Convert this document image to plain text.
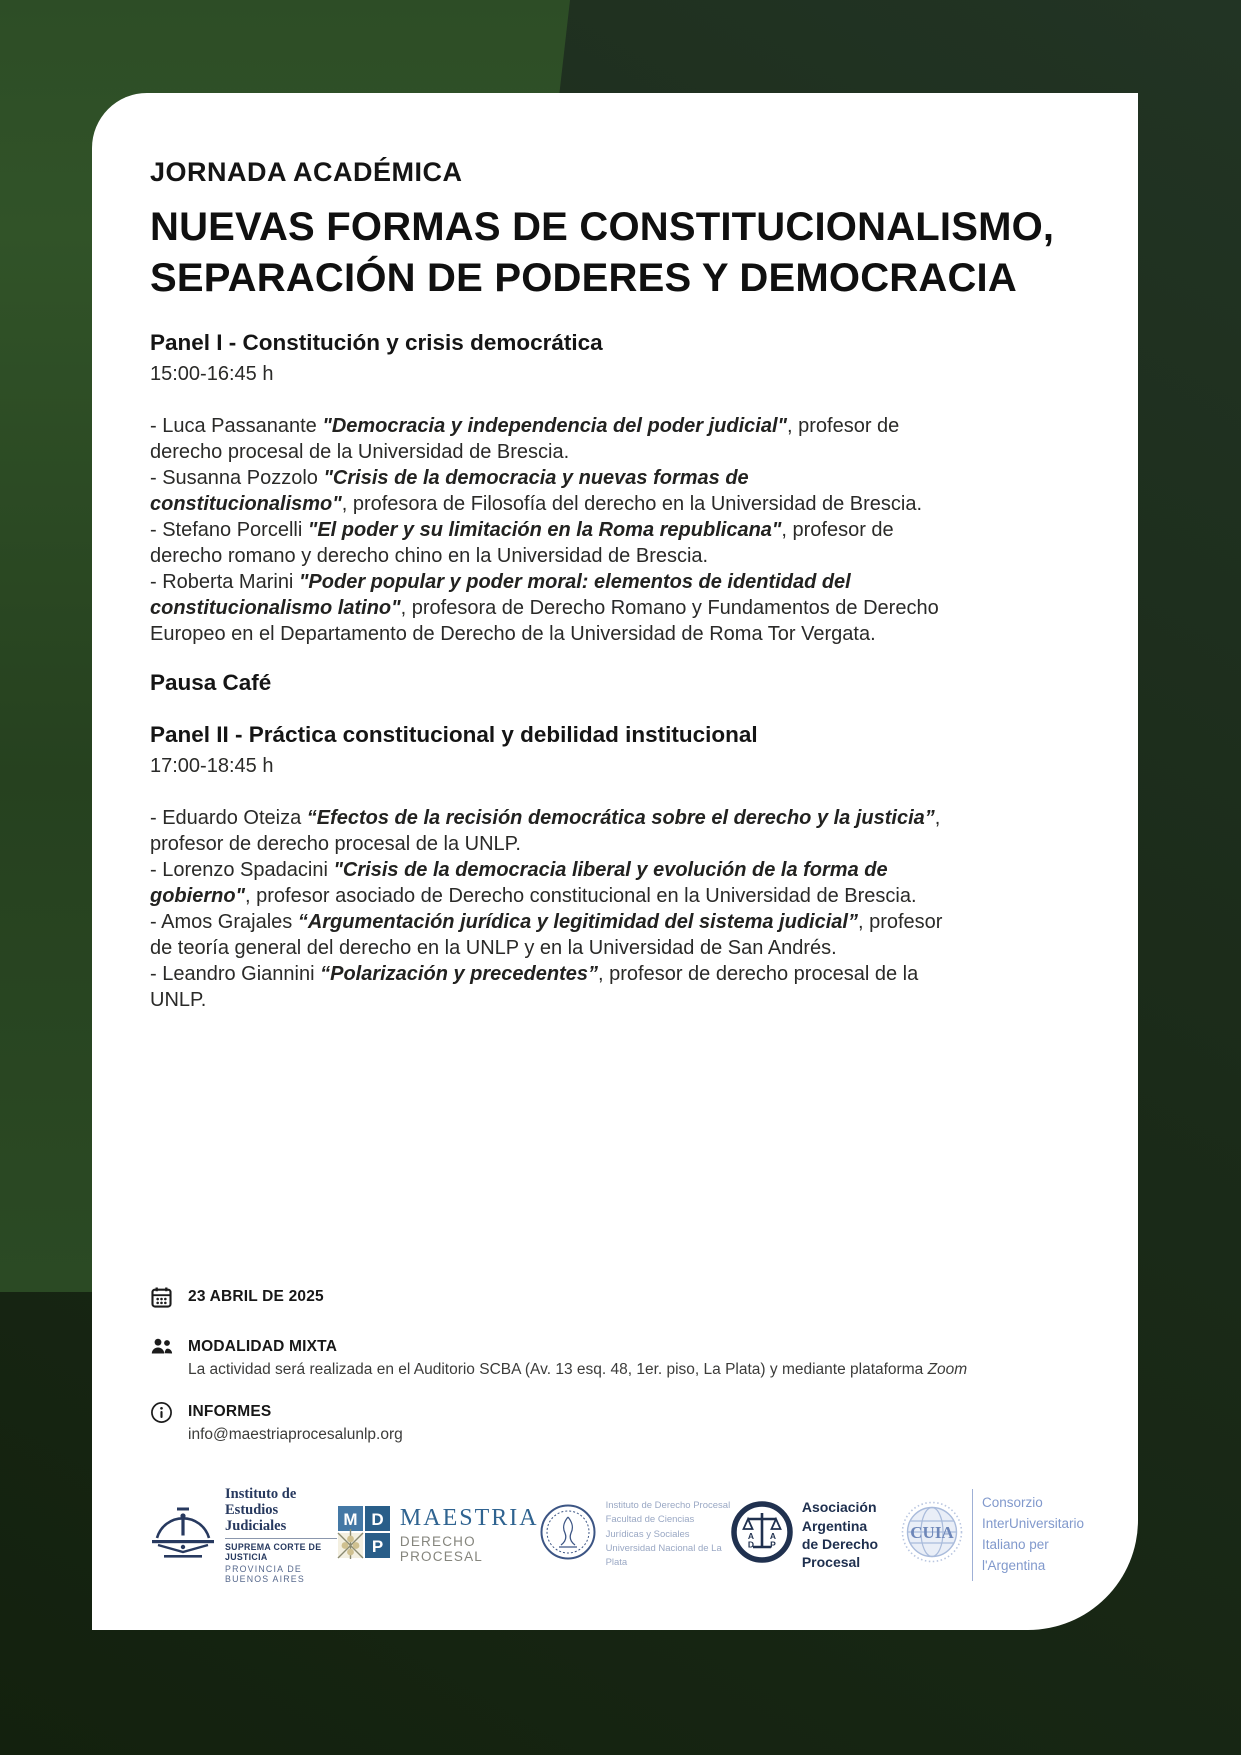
JORNADA ACADÉMICA
NUEVAS FORMAS DE CONSTITUCIONALISMO,
SEPARACIÓN DE PODERES Y DEMOCRACIA
Panel I - Constitución y crisis democrática
15:00-16:45 h

- Luca Passanante "Democracia y independencia del poder judicial", profesor de derecho procesal de la Universidad de Brescia.

- Susanna Pozzolo "Crisis de la democracia y nuevas formas de constitucionalismo", profesora de Filosofía del derecho en la Universidad de Brescia.

- Stefano Porcelli "El poder y su limitación en la Roma republicana", profesor de derecho romano y derecho chino en la Universidad de Brescia.

- Roberta Marini "Poder popular y poder moral: elementos de identidad del constitucionalismo latino", profesora de Derecho Romano y Fundamentos de Derecho Europeo en el Departamento de Derecho de la Universidad de Roma Tor Vergata.

Pausa Café
Panel II - Práctica constitucional y debilidad institucional
17:00-18:45 h

- Eduardo Oteiza “Efectos de la recisión democrática sobre el derecho y la justicia”, profesor de derecho procesal de la UNLP.

- Lorenzo Spadacini "Crisis de la democracia liberal y evolución de la forma de gobierno", profesor asociado de Derecho constitucional en la Universidad de Brescia.

- Amos Grajales “Argumentación jurídica y legitimidad del sistema judicial”, profesor de teoría general del derecho en la UNLP y en la Universidad de San Andrés.

- Leandro Giannini “Polarización y precedentes”, profesor de derecho procesal de la UNLP.

23 ABRIL DE 2025
MODALIDAD MIXTA
La actividad será realizada en el Auditorio SCBA (Av. 13 esq. 48, 1er. piso, La Plata) y mediante plataforma Zoom
INFORMES
info@maestriaprocesalunlp.org
Instituto de
Estudios Judiciales
SUPREMA CORTE DE JUSTICIA
PROVINCIA DE BUENOS AIRES
M D
P
MAESTRIA
DERECHO PROCESAL
Instituto de Derecho Procesal
Facultad de Ciencias Jurídicas y Sociales
Universidad Nacional de La Plata
A A
D P
Asociación Argentina
de Derecho Procesal
CUIA
Consorzio
InterUniversitario
Italiano per
l'Argentina
